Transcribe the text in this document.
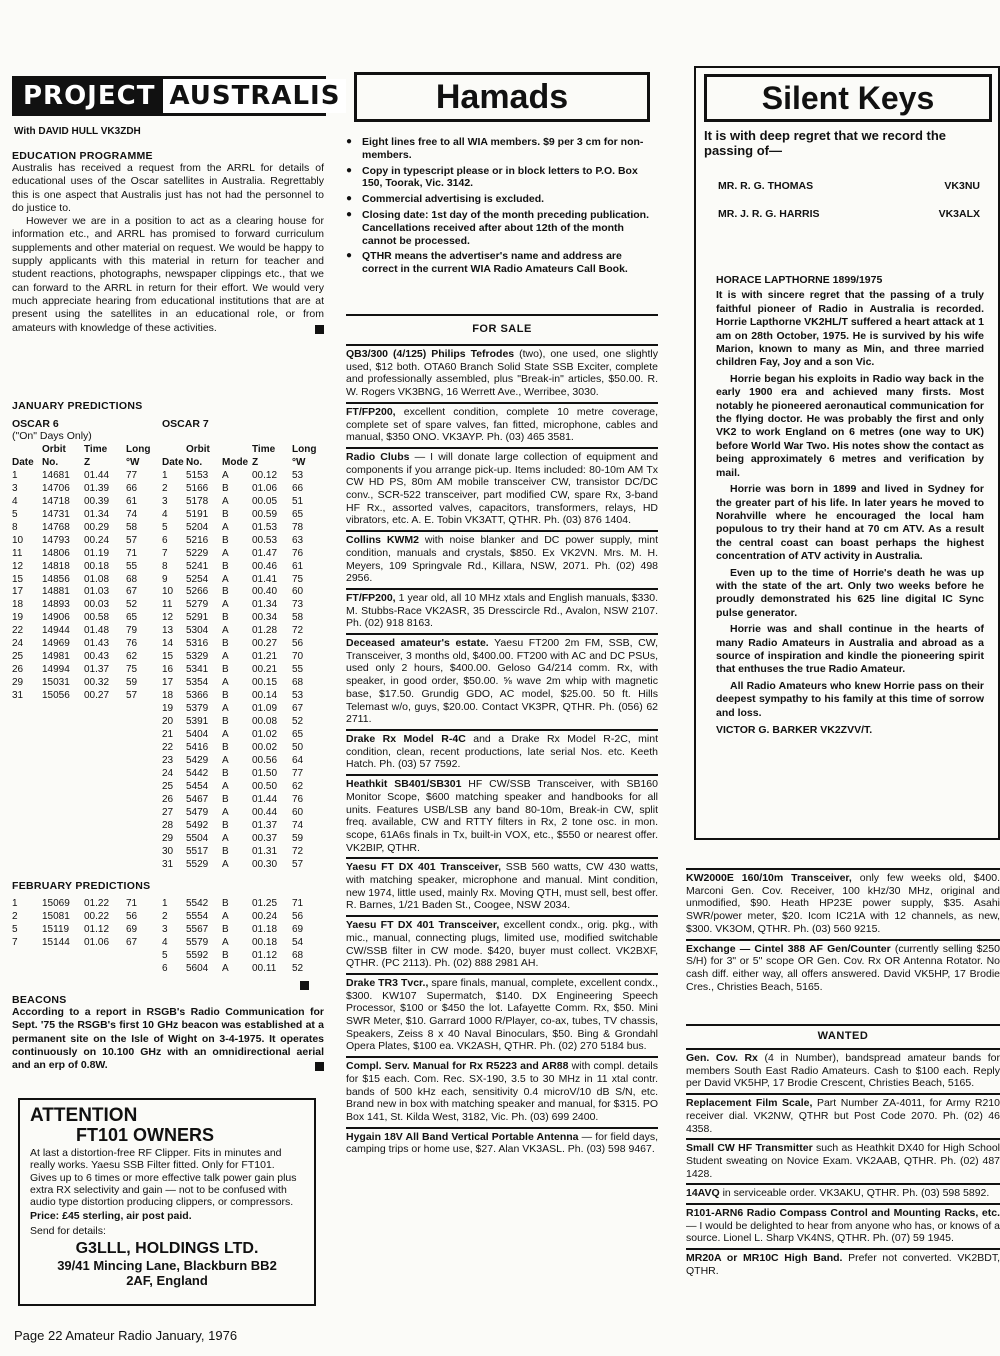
PROJECT AUSTRALIS
With DAVID HULL VK3ZDH
EDUCATION PROGRAMME

Australis has received a request from the ARRL for details of educational uses of the Oscar satellites in Australia. Regrettably this is one aspect that Australis just has not had the personnel to do justice to.

However we are in a position to act as a clearing house for information etc., and ARRL has promised to forward curriculum supplements and other material on request. We would be happy to supply applicants with this material in return for teacher and student reactions, photographs, newspaper clippings etc., that we can forward to the ARRL in return for their effort. We would very much appreciate hearing from educational institutions that are at present using the satellites in an educational role, or from amateurs with knowledge of these activities.

JANUARY PREDICTIONS
OSCAR 6
("On" Days Only)
OSCAR 7
	Orbit	Time	Long
Date	No.	Z	°W
1	14681	01.44	77
3	14706	01.39	66
4	14718	00.39	61
5	14731	01.34	74
8	14768	00.29	58
10	14793	00.24	57
11	14806	01.19	71
12	14818	00.18	55
15	14856	01.08	68
17	14881	01.03	67
18	14893	00.03	52
19	14906	00.58	65
22	14944	01.48	79
24	14969	01.43	76
25	14981	00.43	62
26	14994	01.37	75
29	15031	00.32	59
31	15056	00.27	57
	Orbit		Time	Long
Date	No.	Mode	Z	°W
1	5153	A	00.12	53
2	5166	B	01.06	66
3	5178	A	00.05	51
4	5191	B	00.59	65
5	5204	A	01.53	78
6	5216	B	00.53	63
7	5229	A	01.47	76
8	5241	B	00.46	61
9	5254	A	01.41	75
10	5266	B	00.40	60
11	5279	A	01.34	73
12	5291	B	00.34	58
13	5304	A	01.28	72
14	5316	B	00.27	56
15	5329	A	01.21	70
16	5341	B	00.21	55
17	5354	A	00.15	68
18	5366	B	00.14	53
19	5379	A	01.09	67
20	5391	B	00.08	52
21	5404	A	01.02	65
22	5416	B	00.02	50
23	5429	A	00.56	64
24	5442	B	01.50	77
25	5454	A	00.50	62
26	5467	B	01.44	76
27	5479	A	00.44	60
28	5492	B	01.37	74
29	5504	A	00.37	59
30	5517	B	01.31	72
31	5529	A	00.30	57
FEBRUARY PREDICTIONS
1	15069	01.22	71
2	15081	00.22	56
5	15119	01.12	69
7	15144	01.06	67
1	5542	B	01.25	71
2	5554	A	00.24	56
3	5567	B	01.18	69
4	5579	A	00.18	54
5	5592	B	01.12	68
6	5604	A	00.11	52
BEACONS

According to a report in RSGB's Radio Communication for Sept. '75 the RSGB's first 10 GHz beacon was established at a permanent site on the Isle of Wight on 3-4-1975. It operates continuously on 10.100 GHz with an omnidirectional aerial and an erp of 0.8W.

ATTENTION
FT101 OWNERS
At last a distortion-free RF Clipper. Fits in minutes and really works. Yaesu SSB Filter fitted. Only for FT101. Gives up to 6 times or more effective talk power gain plus extra RX selectivity and gain — not to be confused with audio type distortion producing clippers, or compressors.
Price: £45 sterling, air post paid.
Send for details:
G3LLL, HOLDINGS LTD.
39/41 Mincing Lane, Blackburn BB2
2AF, England
Page 22 Amateur Radio January, 1976
Hamads
● Eight lines free to all WIA members. $9 per 3 cm for non-members.
● Copy in typescript please or in block letters to P.O. Box 150, Toorak, Vic. 3142.
● Commercial advertising is excluded.
● Closing date: 1st day of the month preceding publication. Cancellations received after about 12th of the month cannot be processed.
● QTHR means the advertiser's name and address are correct in the current WIA Radio Amateurs Call Book.
FOR SALE
QB3/300 (4/125) Philips Tefrodes (two), one used, one slightly used, $12 both. OTA60 Branch Solid State SSB Exciter, complete and professionally assembled, plus "Break-in" articles, $50.00. R. W. Rogers VK3BNG, 16 Werrett Ave., Werribee, 3030.
FT/FP200, excellent condition, complete 10 metre coverage, complete set of spare valves, fan fitted, microphone, cables and manual, $350 ONO. VK3AYP. Ph. (03) 465 3581.
Radio Clubs — I will donate large collection of equipment and components if you arrange pick-up. Items included: 80-10m AM Tx CW HD PS, 80m AM mobile transceiver CW, transistor DC/DC conv., SCR-522 transceiver, part modified CW, spare Rx, 3-band HF Rx., assorted valves, capacitors, transformers, relays, HD vibrators, etc. A. E. Tobin VK3ATT, QTHR. Ph. (03) 876 1404.
Collins KWM2 with noise blanker and DC power supply, mint condition, manuals and crystals, $850. Ex VK2VN. Mrs. M. H. Meyers, 109 Springvale Rd., Killara, NSW, 2071. Ph. (02) 498 2956.
FT/FP200, 1 year old, all 10 MHz xtals and English manuals, $330. M. Stubbs-Race VK2ASR, 35 Dresscircle Rd., Avalon, NSW 2107. Ph. (02) 918 8163.
Deceased amateur's estate. Yaesu FT200 2m FM, SSB, CW, Transceiver, 3 months old, $400.00. FT200 with AC and DC PSUs, used only 2 hours, $400.00. Geloso G4/214 comm. Rx, with speaker, in good order, $50.00. ⅝ wave 2m whip with magnetic base, $17.50. Grundig GDO, AC model, $25.00. 50 ft. Hills Telemast w/o, guys, $20.00. Contact VK3PR, QTHR. Ph. (056) 62 2711.
Drake Rx Model R-4C and a Drake Rx Model R-2C, mint condition, clean, recent productions, late serial Nos. etc. Keeth Hatch. Ph. (03) 57 7592.
Heathkit SB401/SB301 HF CW/SSB Transceiver, with SB160 Monitor Scope, $600 matching speaker and handbooks for all units. Features USB/LSB any band 80-10m, Break-in CW, split freq. available, CW and RTTY filters in Rx, 2 tone osc. in mon. scope, 61A6s finals in Tx, built-in VOX, etc., $550 or nearest offer. VK2BIP, QTHR.
Yaesu FT DX 401 Transceiver, SSB 560 watts, CW 430 watts, with matching speaker, microphone and manual. Mint condition, new 1974, little used, mainly Rx. Moving QTH, must sell, best offer. R. Barnes, 1/21 Baden St., Coogee, NSW 2034.
Yaesu FT DX 401 Transceiver, excellent condx., orig. pkg., with mic., manual, connecting plugs, limited use, modified switchable CW/SSB filter in CW mode. $420, buyer must collect. VK2BXF, QTHR. (PC 2113). Ph. (02) 888 2981 AH.
Drake TR3 Tvcr., spare finals, manual, complete, excellent condx., $300. KW107 Supermatch, $140. DX Engineering Speech Processor, $100 or $450 the lot. Lafayette Comm. Rx, $50. Mini SWR Meter, $10. Garrard 1000 R/Player, co-ax, tubes, TV chassis, Speakers, Zeiss 8 x 40 Naval Binoculars, $50. Bing & Grondahl Opera Plates, $100 ea. VK2ASH, QTHR. Ph. (02) 270 5184 bus.
Compl. Serv. Manual for Rx R5223 and AR88 with compl. details for $15 each. Com. Rec. SX-190, 3.5 to 30 MHz in 11 xtal contr. bands of 500 kHz each, sensitivity 0.4 microV/10 dB S/N, etc. Brand new in box with matching speaker and manual, for $315. PO Box 141, St. Kilda West, 3182, Vic. Ph. (03) 699 2400.
Hygain 18V All Band Vertical Portable Antenna — for field days, camping trips or home use, $27. Alan VK3ASL. Ph. (03) 598 9467.
Silent Keys
It is with deep regret that we record the passing of—
MR. R. G. THOMAS	VK3NU
MR. J. R. G. HARRIS	VK3ALX

HORACE LAPTHORNE 1899/1975

It is with sincere regret that the passing of a truly faithful pioneer of Radio in Australia is recorded. Horrie Lapthorne VK2HL/T suffered a heart attack at 1 am on 28th October, 1975. He is survived by his wife Marion, known to many as Min, and three married children Fay, Joy and a son Vic.

Horrie began his exploits in Radio way back in the early 1900 era and achieved many firsts. Most notably he pioneered aeronautical communication for the flying doctor. He was probably the first and only VK2 to work England on 6 metres (one way to UK) before World War Two. His notes show the contact as being approximately 6 metres and verification by mail.

Horrie was born in 1899 and lived in Sydney for the greater part of his life. In later years he moved to Norahville where he encouraged the local ham populous to try their hand at 70 cm ATV. As a result the central coast can boast perhaps the highest concentration of ATV activity in Australia.

Even up to the time of Horrie's death he was up with the state of the art. Only two weeks before he proudly demonstrated his 625 line digital IC Sync pulse generator.

Horrie was and shall continue in the hearts of many Radio Amateurs in Australia and abroad as a source of inspiration and kindle the pioneering spirit that enthuses the true Radio Amateur.

All Radio Amateurs who knew Horrie pass on their deepest sympathy to his family at this time of sorrow and loss.

VICTOR G. BARKER VK2ZVV/T.

KW2000E 160/10m Transceiver, only few weeks old, $400. Marconi Gen. Cov. Receiver, 100 kHz/30 MHz, original and unmodified, $90. Heath HP23E power supply, $35. Asahi SWR/power meter, $20. Icom IC21A with 12 channels, as new, $300. VK3OM, QTHR. Ph. (03) 560 9215.
Exchange — Cintel 388 AF Gen/Counter (currently selling $250 S/H) for 3" or 5" scope OR Gen. Cov. Rx OR Antenna Rotator. No cash diff. either way, all offers answered. David VK5HP, 17 Brodie Cres., Christies Beach, 5165.
WANTED
Gen. Cov. Rx (4 in Number), bandspread amateur bands for members South East Radio Amateurs. Cash to $100 each. Reply per David VK5HP, 17 Brodie Crescent, Christies Beach, 5165.
Replacement Film Scale, Part Number ZA-4011, for Army R210 receiver dial. VK2NW, QTHR but Post Code 2070. Ph. (02) 46 4358.
Small CW HF Transmitter such as Heathkit DX40 for High School Student sweating on Novice Exam. VK2AAB, QTHR. Ph. (02) 487 1428.
14AVQ in serviceable order. VK3AKU, QTHR. Ph. (03) 598 5892.
R101-ARN6 Radio Compass Control and Mounting Racks, etc. — I would be delighted to hear from anyone who has, or knows of a source. Lionel L. Sharp VK4NS, QTHR. Ph. (07) 59 1945.
MR20A or MR10C High Band. Prefer not converted. VK2BDT, QTHR.
